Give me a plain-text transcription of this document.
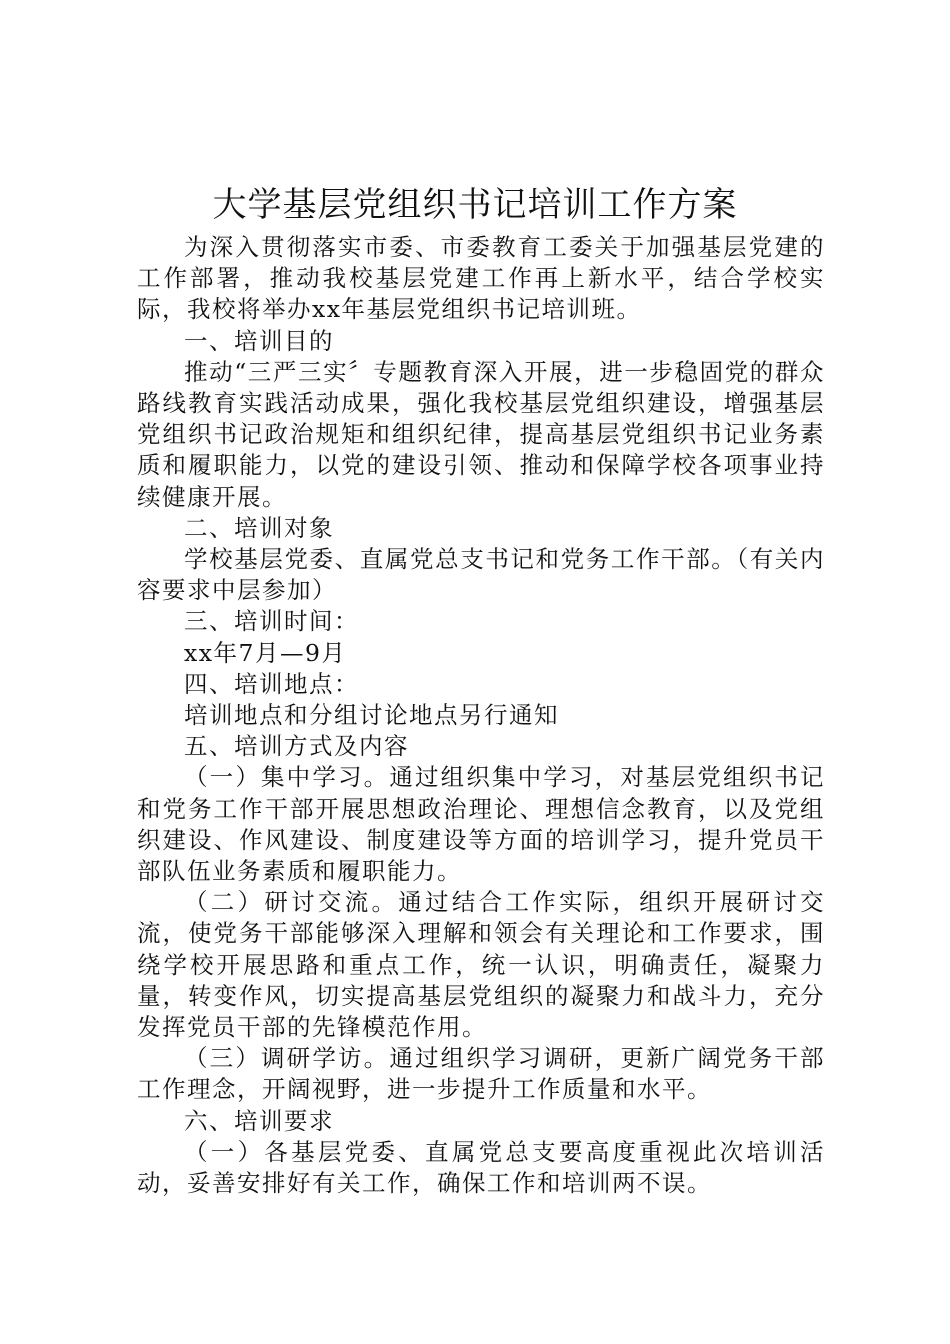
大学基层党组织书记培训工作方案

为深入贯彻落实市委、市委教育工委关于加强基层党建的工作部署，推动我校基层党建工作再上新水平，结合学校实际，我校将举办xx年基层党组织书记培训班。

一、培训目的

推动“三严三实〞专题教育深入开展，进一步稳固党的群众路线教育实践活动成果，强化我校基层党组织建设，增强基层党组织书记政治规矩和组织纪律，提高基层党组织书记业务素质和履职能力，以党的建设引领、推动和保障学校各项事业持续健康开展。

二、培训对象

学校基层党委、直属党总支书记和党务工作干部。（有关内容要求中层参加）

三、培训时间：

xx年7月—9月

四、培训地点：

培训地点和分组讨论地点另行通知

五、培训方式及内容

（一）集中学习。通过组织集中学习，对基层党组织书记和党务工作干部开展思想政治理论、理想信念教育，以及党组织建设、作风建设、制度建设等方面的培训学习，提升党员干部队伍业务素质和履职能力。

（二）研讨交流。通过结合工作实际，组织开展研讨交流，使党务干部能够深入理解和领会有关理论和工作要求，围绕学校开展思路和重点工作，统一认识，明确责任，凝聚力量，转变作风，切实提高基层党组织的凝聚力和战斗力，充分发挥党员干部的先锋模范作用。

（三）调研学访。通过组织学习调研，更新广阔党务干部工作理念，开阔视野，进一步提升工作质量和水平。

六、培训要求

（一）各基层党委、直属党总支要高度重视此次培训活动，妥善安排好有关工作，确保工作和培训两不误。
